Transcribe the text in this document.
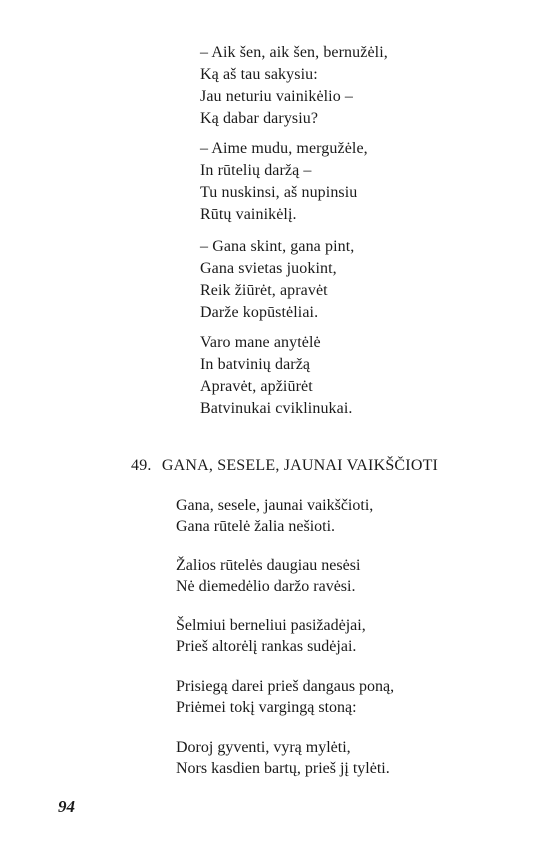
– Aik šen, aik šen, bernužėli,
Ką aš tau sakysiu:
Jau neturiu vainikėlio –
Ką dabar darysiu?
– Aime mudu, mergužėle,
In rūtelių daržą –
Tu nuskinsi, aš nupinsiu
Rūtų vainikėlį.
– Gana skint, gana pint,
Gana svietas juokint,
Reik žiūrėt, apravėt
Darže kopūstėliai.
Varo mane anytėlė
In batvinių daržą
Apravėt, apžiūrėt
Batvinukai cviklinukai.
49. GANA, SESELE, JAUNAI VAIKŠČIOTI
Gana, sesele, jaunai vaikščioti,
Gana rūtelė žalia nešioti.
Žalios rūtelės daugiau nesėsi
Nė diemedėlio daržo ravėsi.
Šelmiui berneliui pasižadėjai,
Prieš altorėlį rankas sudėjai.
Prisiegą darei prieš dangaus poną,
Priėmei tokį vargingą stoną:
Doroj gyventi, vyrą mylėti,
Nors kasdien bartų, prieš jį tylėti.
94
